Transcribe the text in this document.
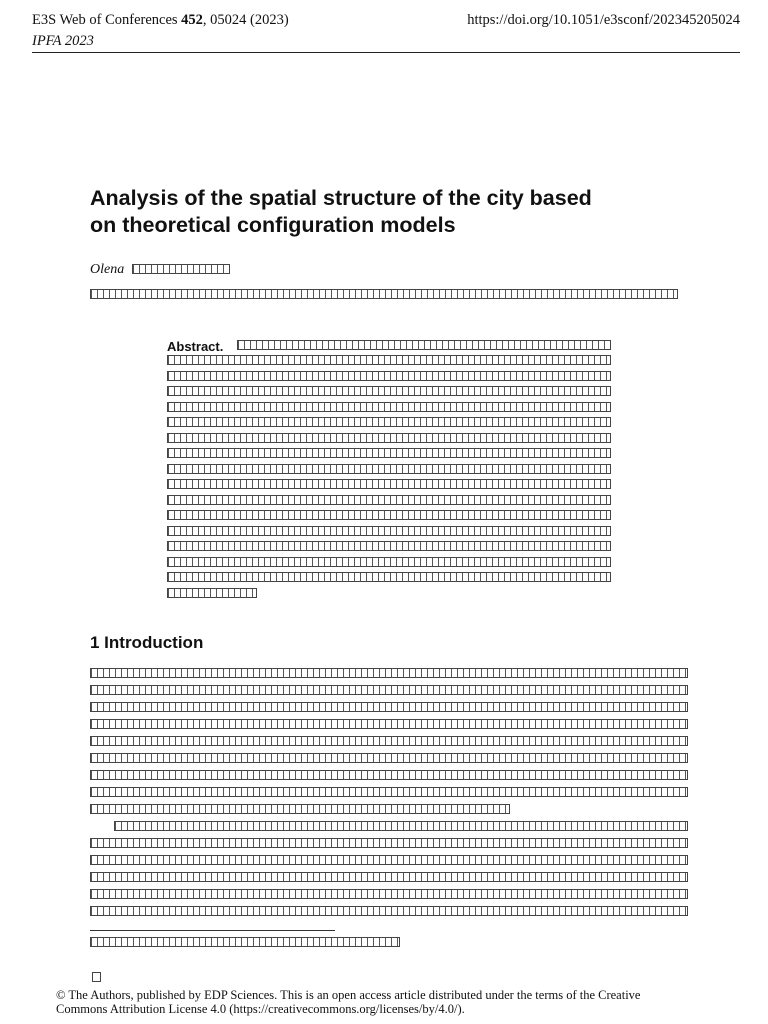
E3S Web of Conferences 452, 05024 (2023)
IPFA 2023
https://doi.org/10.1051/e3sconf/202345205024
Analysis of the spatial structure of the city based
on theoretical configuration models
Olena
Abstract.
1 Introduction
© The Authors, published by EDP Sciences. This is an open access article distributed under the terms of the Creative
Commons Attribution License 4.0 (https://creativecommons.org/licenses/by/4.0/).
